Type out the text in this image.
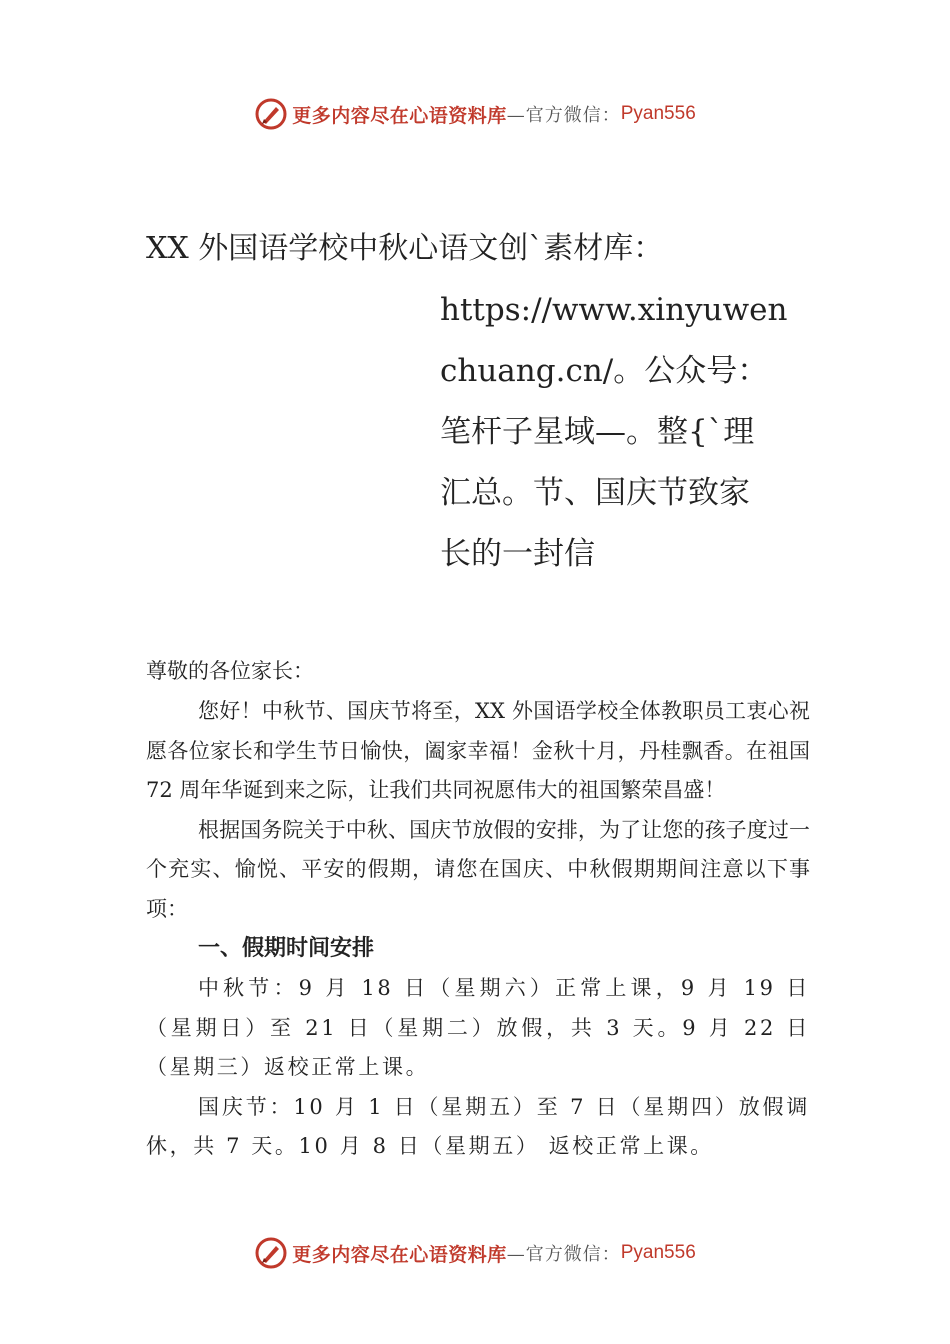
更多内容尽在心语资料库 —官方微信： Pyan556
XX 外国语学校中秋心语文创`素材库：
https://www.xinyuwen
chuang.cn/。公众号：
笔杆子星域—。整{`理
汇总。节、国庆节致家
长的一封信
尊敬的各位家长：

您好！中秋节、国庆节将至，XX 外国语学校全体教职员工衷心祝愿各位家长和学生节日愉快，阖家幸福！金秋十月，丹桂飘香。在祖国 72 周年华诞到来之际，让我们共同祝愿伟大的祖国繁荣昌盛！

根据国务院关于中秋、国庆节放假的安排，为了让您的孩子度过一个充实、愉悦、平安的假期，请您在国庆、中秋假期期间注意以下事项：

一、假期时间安排

中秋节：9 月 18 日（星期六）正常上课，9 月 19 日（星期日）至 21 日（星期二）放假，共 3 天。9 月 22 日（星期三）返校正常上课。

国庆节：10 月 1 日（星期五）至 7 日（星期四）放假调休，共 7 天。10 月 8 日（星期五） 返校正常上课。

更多内容尽在心语资料库 —官方微信： Pyan556
